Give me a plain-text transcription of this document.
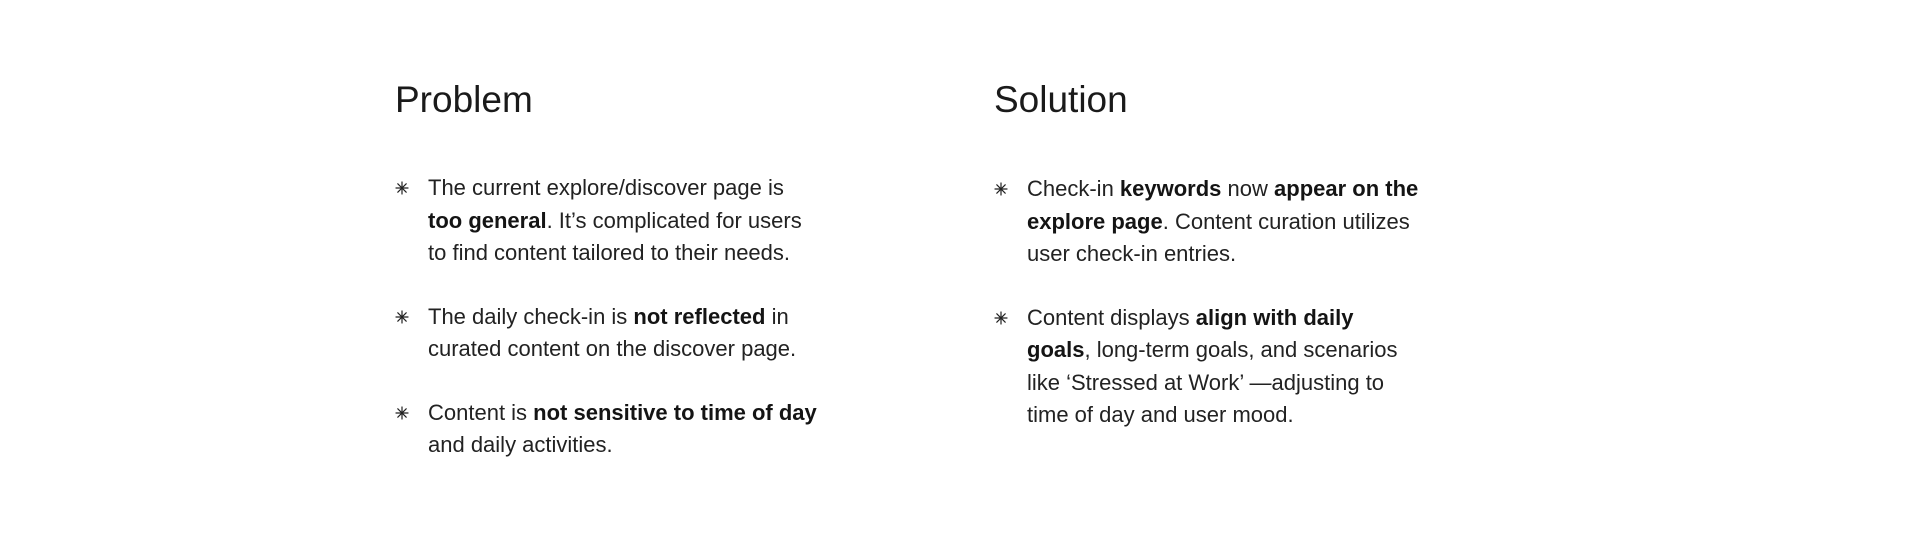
Problem
The current explore/discover page is too general. It’s complicated for users to find content tailored to their needs.
The daily check-in is not reflected in curated content on the discover page.
Content is not sensitive to time of day and daily activities.
Solution
Check-in keywords now appear on the explore page. Content curation utilizes user check-in entries.
Content displays align with daily goals, long-term goals, and scenarios like ‘Stressed at Work’ —adjusting to time of day and user mood.
